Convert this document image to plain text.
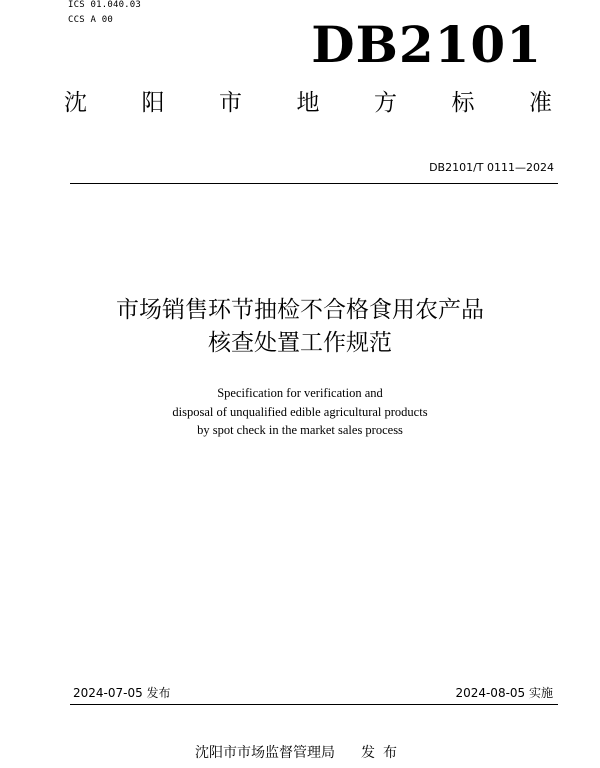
ICS 01.040.03
CCS A 00	DB2101
沈 阳 市 地 方 标 准
DB2101/T 0111—2024
市场销售环节抽检不合格食用农产品
核查处置工作规范
Specification for verification and
disposal of unqualified edible agricultural products
by spot check in the market sales process
2024-07-05 发布	2024-08-05 实施
沈阳市市场监督管理局 发布
